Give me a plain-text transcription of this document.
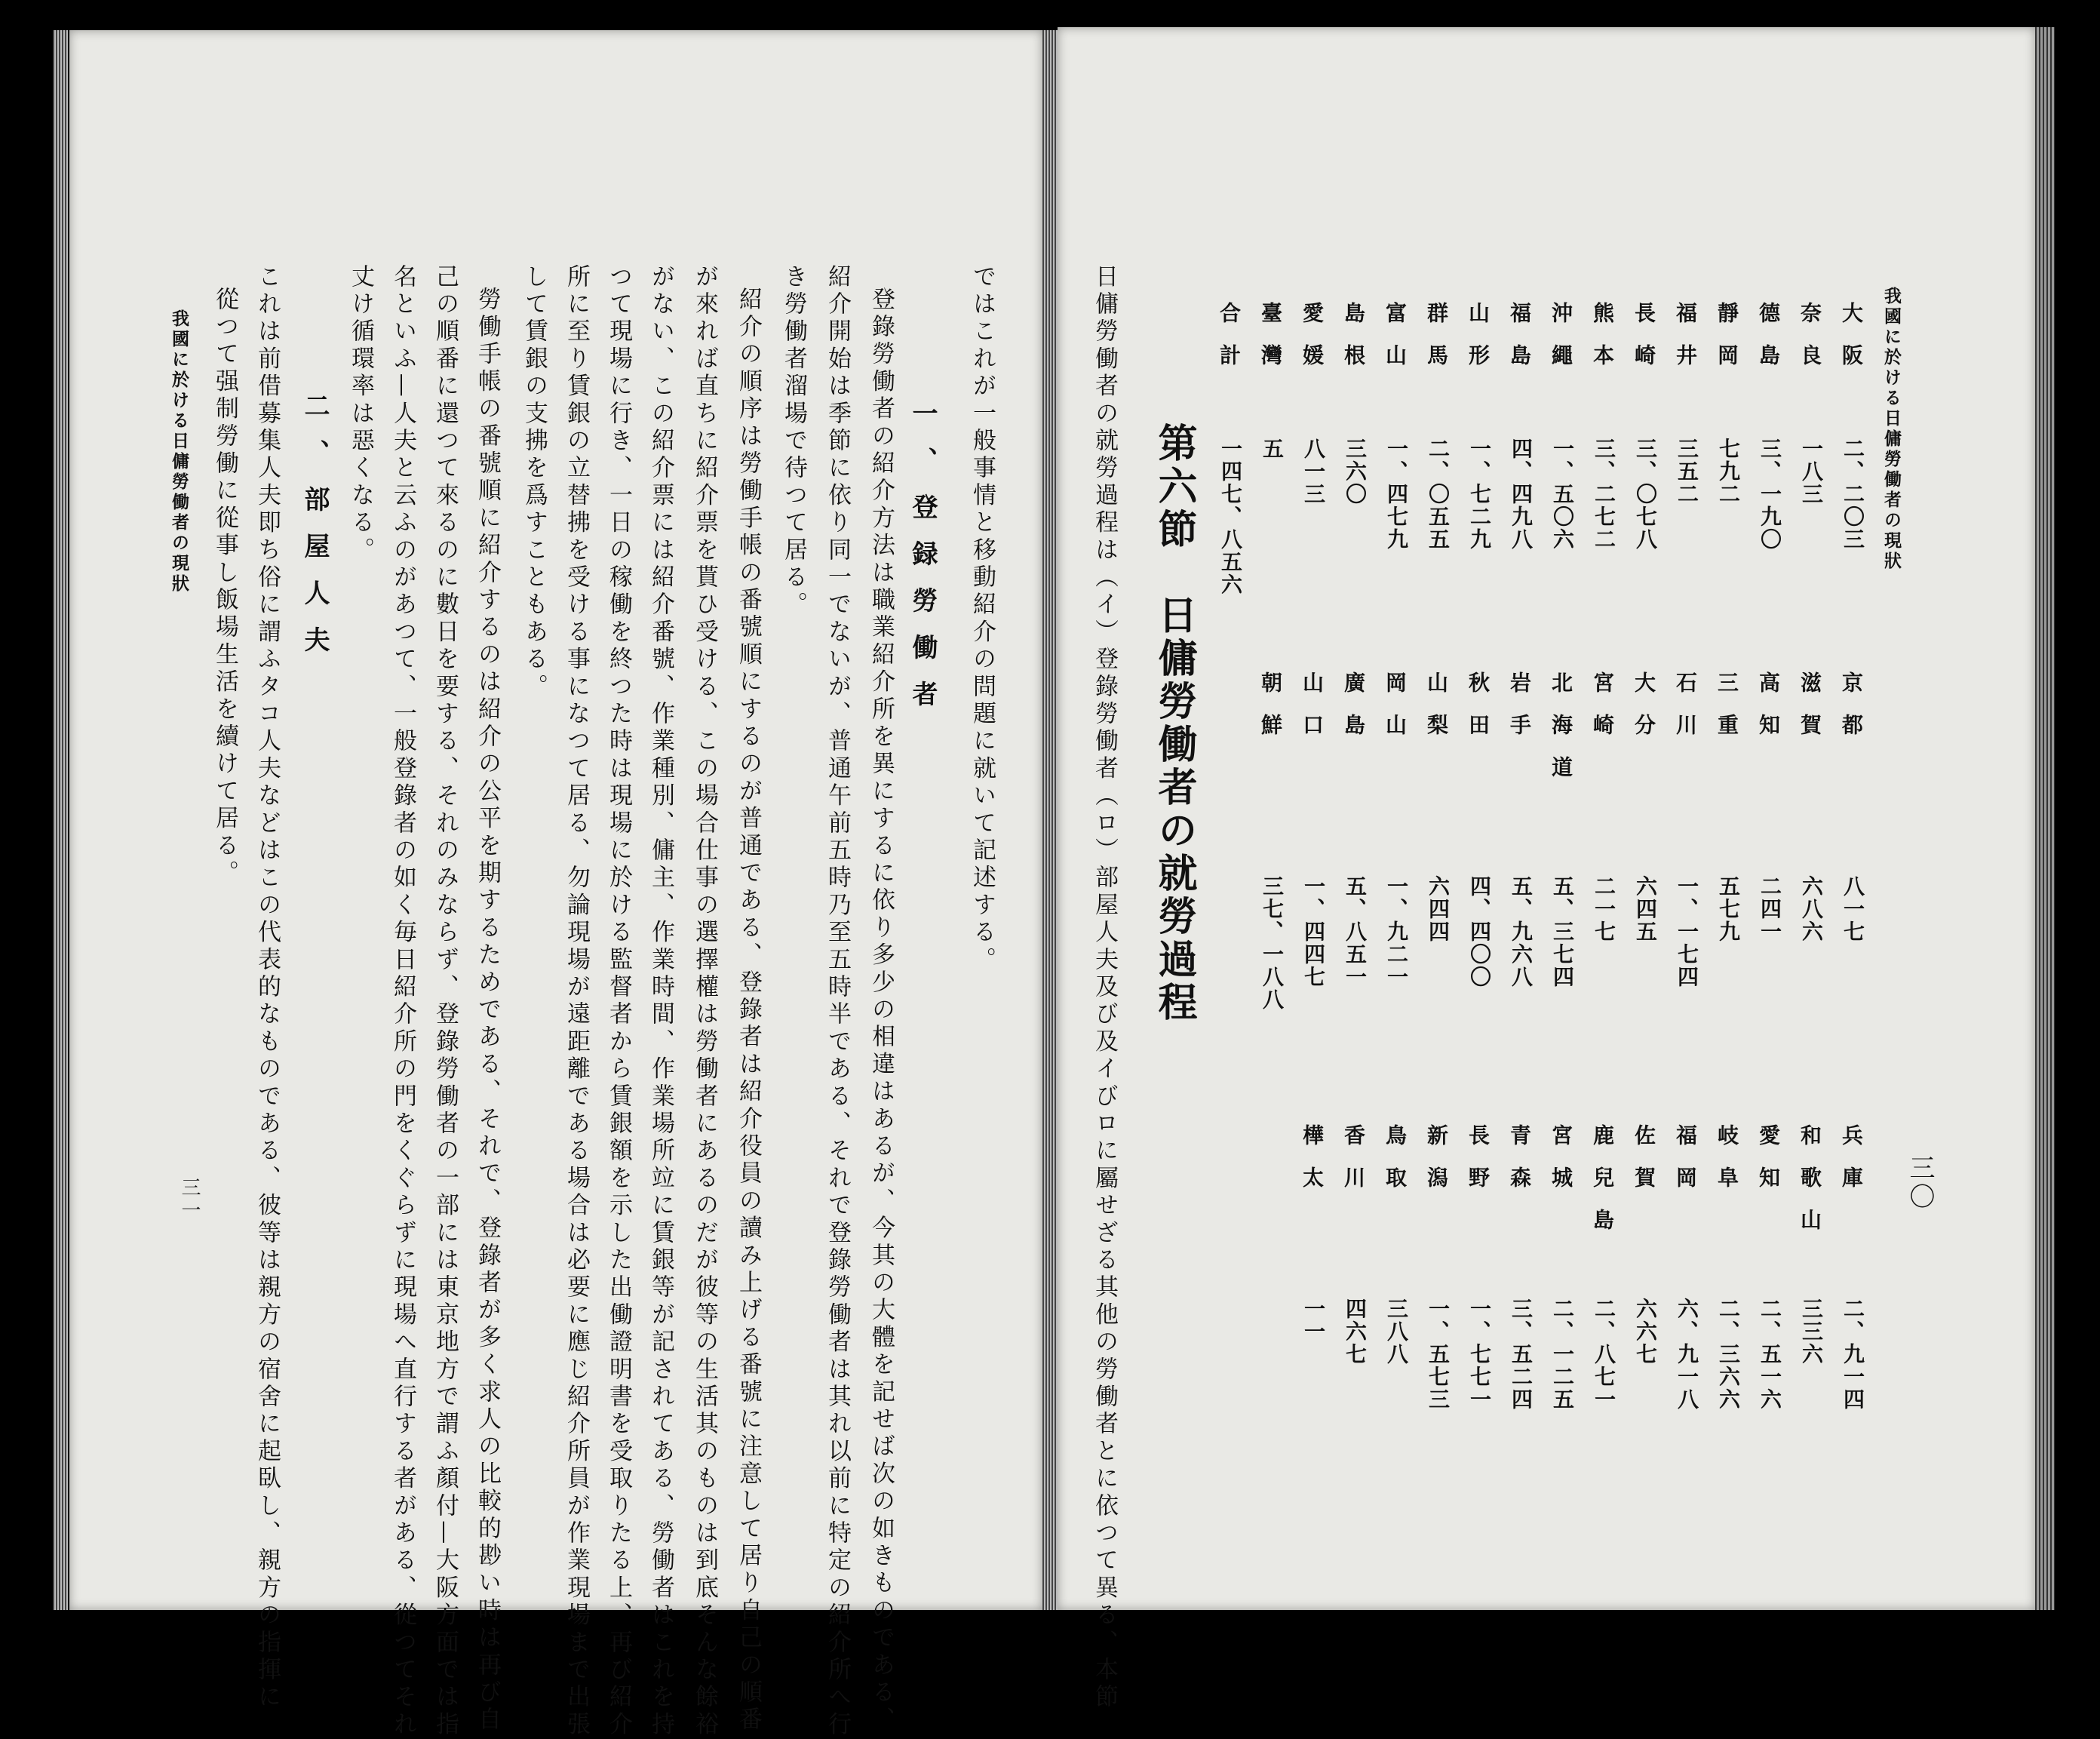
我國に於ける日傭勞働者の現狀
三一
從つて强制勞働に從事し飯場生活を續けて居る。 これは前借募集人夫即ち俗に謂ふタコ人夫などはこの代表的なものである、彼等は親方の宿舍に起臥し、親方の指揮に 二、部屋人夫 丈け循環率は惡くなる。 名といふ—人夫と云ふのがあつて、一般登錄者の如く毎日紹介所の門をくぐらずに現場へ直行する者がある、從つてそれ 己の順番に還つて來るのに數日を要する、それのみならず、登錄勞働者の一部には東京地方で謂ふ顏付—大阪方面では指 勞働手帳の番號順に紹介するのは紹介の公平を期するためである、それで、登錄者が多く求人の比較的尠い時は再び自 して賃銀の支拂を爲すこともある。 所に至り賃銀の立替拂を受ける事になつて居る、勿論現場が遠距離である場合は必要に應じ紹介所員が作業現場まで出張 つて現場に行き、一日の稼働を終つた時は現場に於ける監督者から賃銀額を示した出働證明書を受取りたる上、再び紹介 がない、この紹介票には紹介番號、作業種別、傭主、作業時間、作業場所竝に賃銀等が記されてある、勞働者はこれを持 が來れば直ちに紹介票を貰ひ受ける、この場合仕事の選擇權は勞働者にあるのだが彼等の生活其のものは到底そんな餘裕 紹介の順序は勞働手帳の番號順にするのが普通である、登錄者は紹介役員の讀み上げる番號に注意して居り自己の順番 き勞働者溜場で待つて居る。 紹介開始は季節に依り同一でないが、普通午前五時乃至五時半である、それで登錄勞働者は其れ以前に特定の紹介所へ行 登錄勞働者の紹介方法は職業紹介所を異にするに依り多少の相違はあるが、今其の大體を記せば次の如きものである、 一、登録勞働者 ではこれが一般事情と移動紹介の問題に就いて記述する。	日傭勞働者の就勞過程は（イ）登錄勞働者（ロ）部屋人夫及び及イびロに屬せざる其他の勞働者とに依つて異る、本節 第六節　日傭勞働者の就勞過程
大阪
二、二〇三
奈良
一八三
德島
三、一九〇
靜岡
七九二
福井
三五二
長崎
三、〇七八
熊本
三、二七二
沖繩
一、五〇六
福島
四、四九八
山形
一、七二九
群馬
二、〇五五
富山
一、四七九
島根
三六〇
愛媛
八一三
臺灣
五
合計
一四七、八五六
京都
八一七
滋賀
六八六
高知
二四一
三重
五七九
石川
一、一七四
大分
六四五
宮崎
二一七
北海道
五、三七四
岩手
五、九六八
秋田
四、四〇〇
山梨
六四四
岡山
一、九二一
廣島
五、八五一
山口
一、四四七
朝鮮
三七、一八八
兵庫
二、九一四
和歌山
三三六
愛知
二、五一六
岐阜
二、三六六
福岡
六、九一八
佐賀
六六七
鹿兒島
二、八七一
宮城
二、一二五
青森
三、五二四
長野
一、七七一
新潟
一、五七三
鳥取
三八八
香川
四六七
樺太
一一
我國に於ける日傭勞働者の現狀
三〇
